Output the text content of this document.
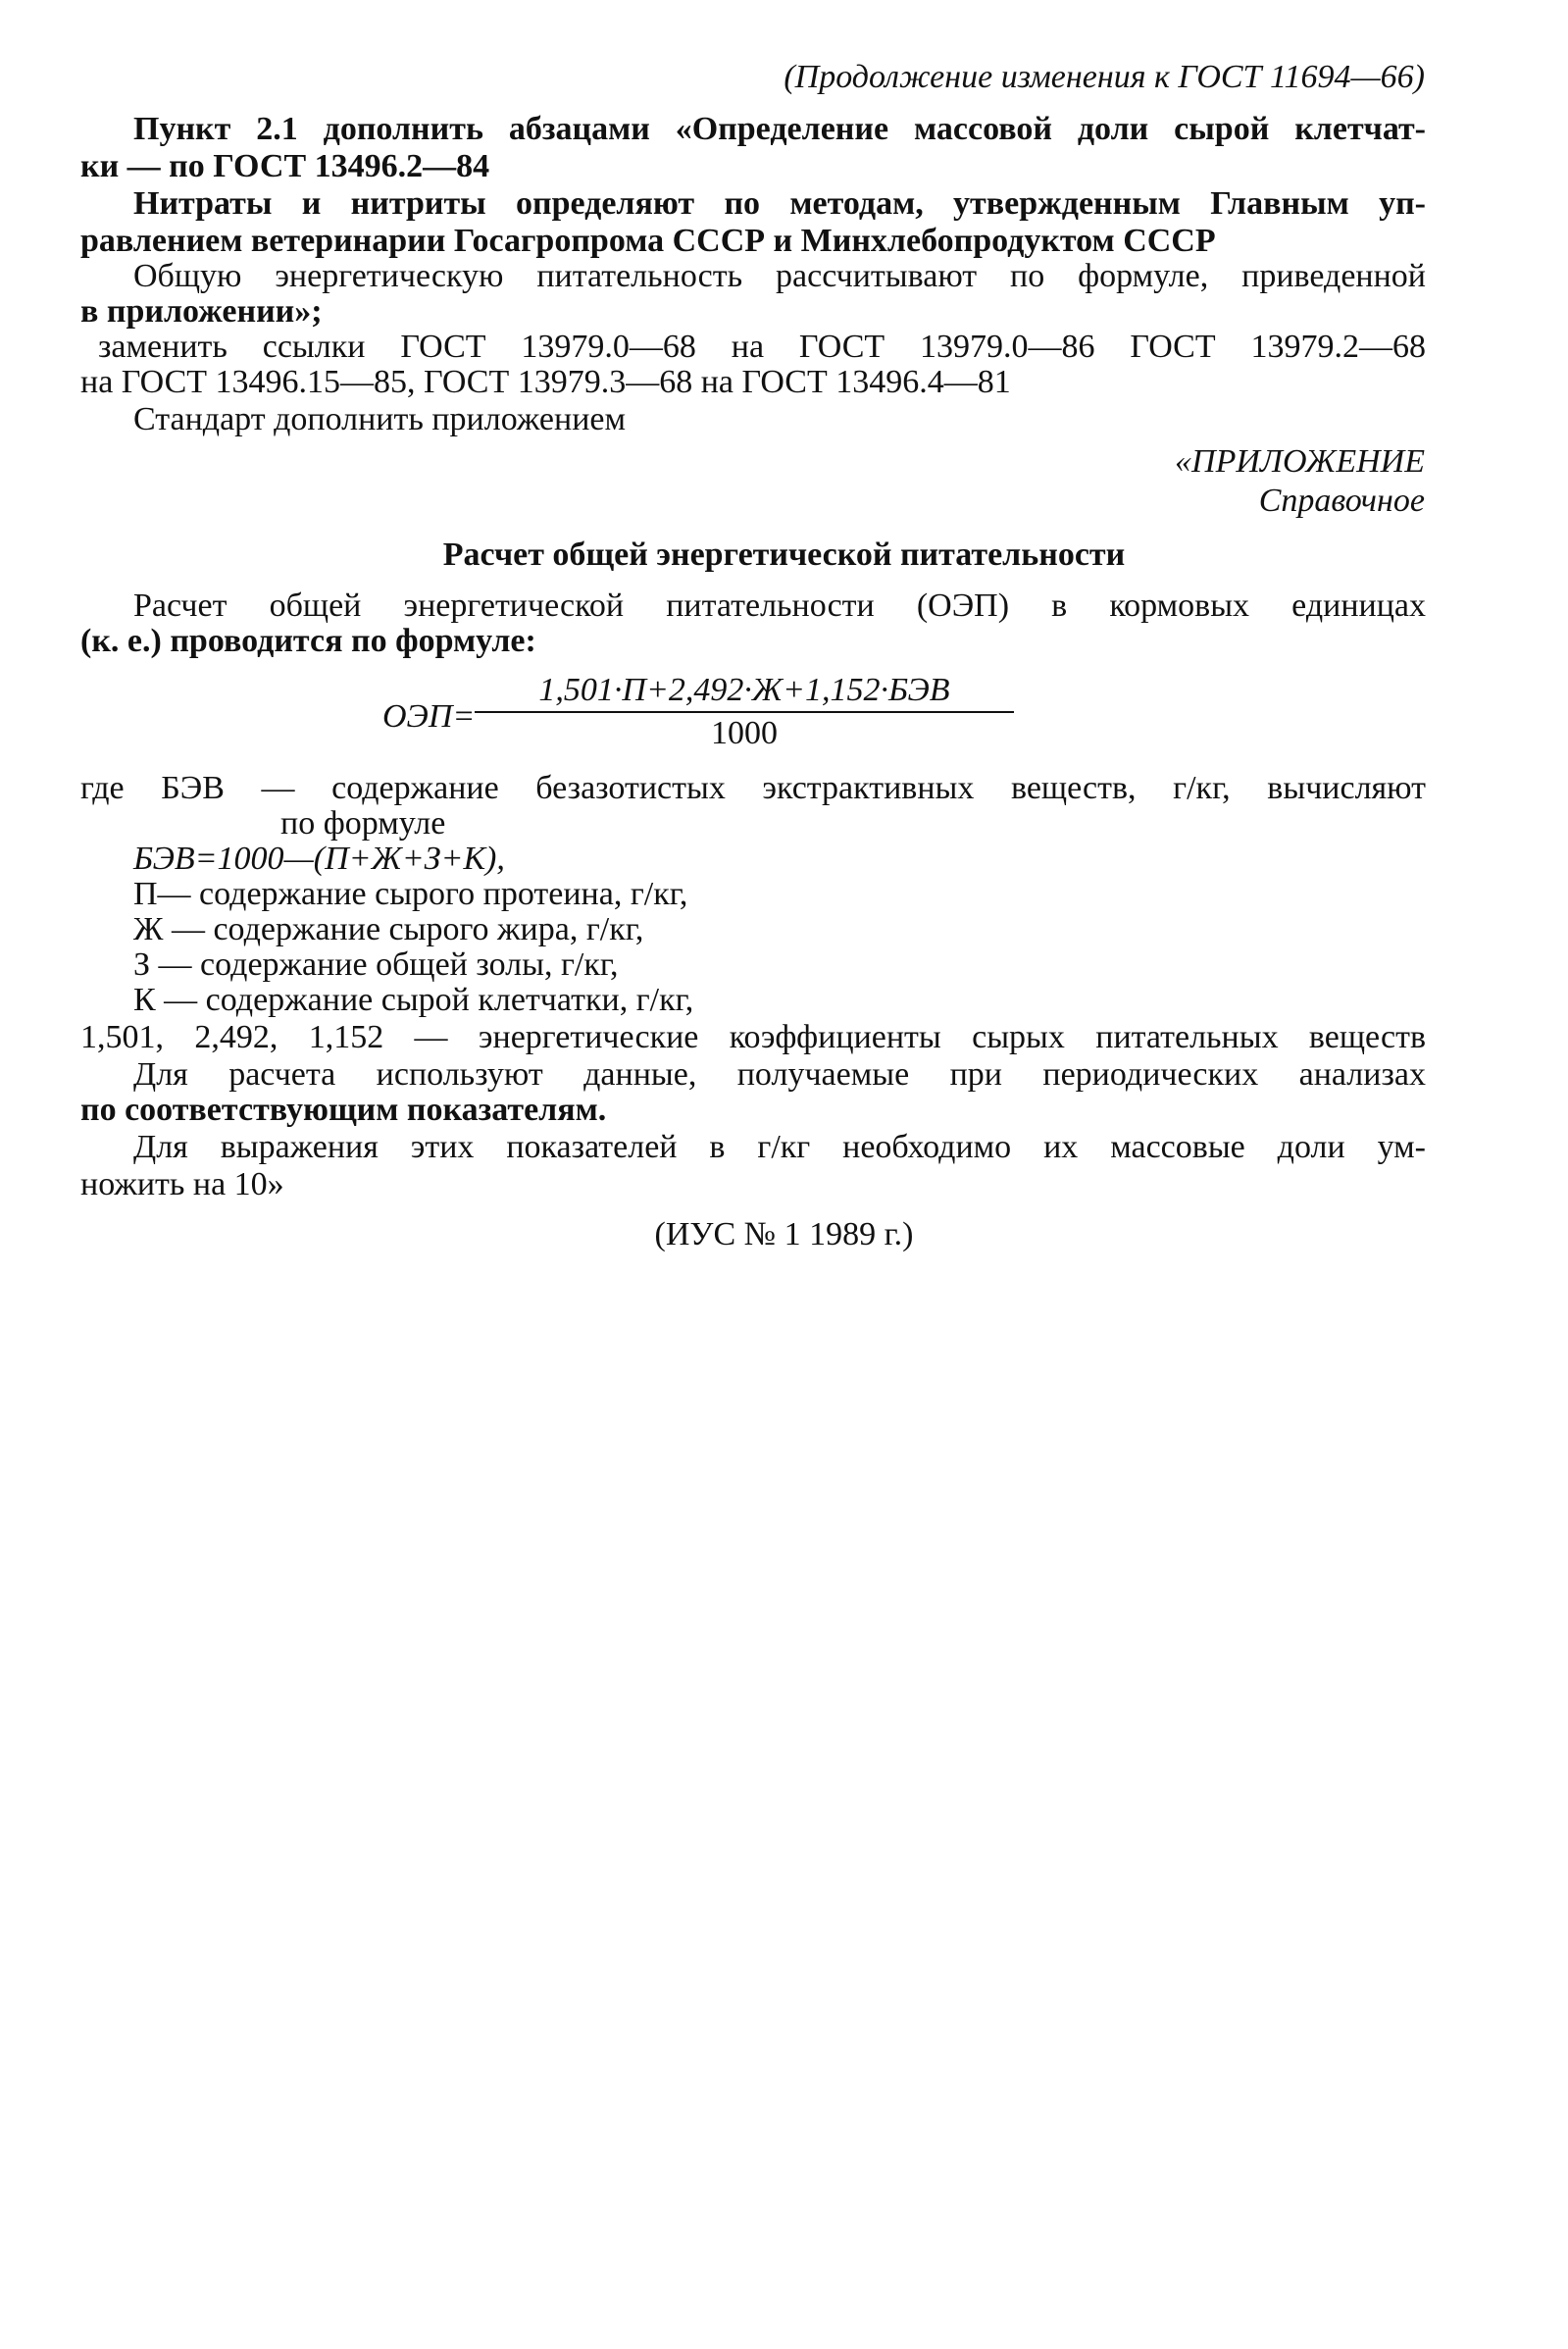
(Продолжение изменения к ГОСТ 11694—66)
Пункт 2.1 дополнить абзацами «Определение массовой доли сырой клетчат-
ки — по ГОСТ 13496.2—84
Нитраты и нитриты определяют по методам, утвержденным Главным уп-
равлением ветеринарии Госагропрома СССР и Минхлебопродуктом СССР
Общую энергетическую питательность рассчитывают по формуле, приведенной
в приложении»;
заменить ссылки ГОСТ 13979.0—68 на ГОСТ 13979.0—86 ГОСТ 13979.2—68
на ГОСТ 13496.15—85, ГОСТ 13979.3—68 на ГОСТ 13496.4—81
Стандарт дополнить приложением
«ПРИЛОЖЕНИЕ
Справочное
Расчет общей энергетической питательности
Расчет общей энергетической питательности (ОЭП) в кормовых единицах
(к. е.) проводится по формуле:
ОЭП=
1,501·П+2,492·Ж+1,152·БЭВ
1000
где БЭВ — содержание безазотистых экстрактивных веществ, г/кг, вычисляют
по формуле
БЭВ=1000—(П+Ж+З+К),
П— содержание сырого протеина, г/кг,
Ж — содержание сырого жира, г/кг,
З — содержание общей золы, г/кг,
К — содержание сырой клетчатки, г/кг,
1,501, 2,492, 1,152 — энергетические коэффициенты сырых питательных веществ
Для расчета используют данные, получаемые при периодических анализах
по соответствующим показателям.
Для выражения этих показателей в г/кг необходимо их массовые доли ум-
ножить на 10»
(ИУС № 1 1989 г.)
